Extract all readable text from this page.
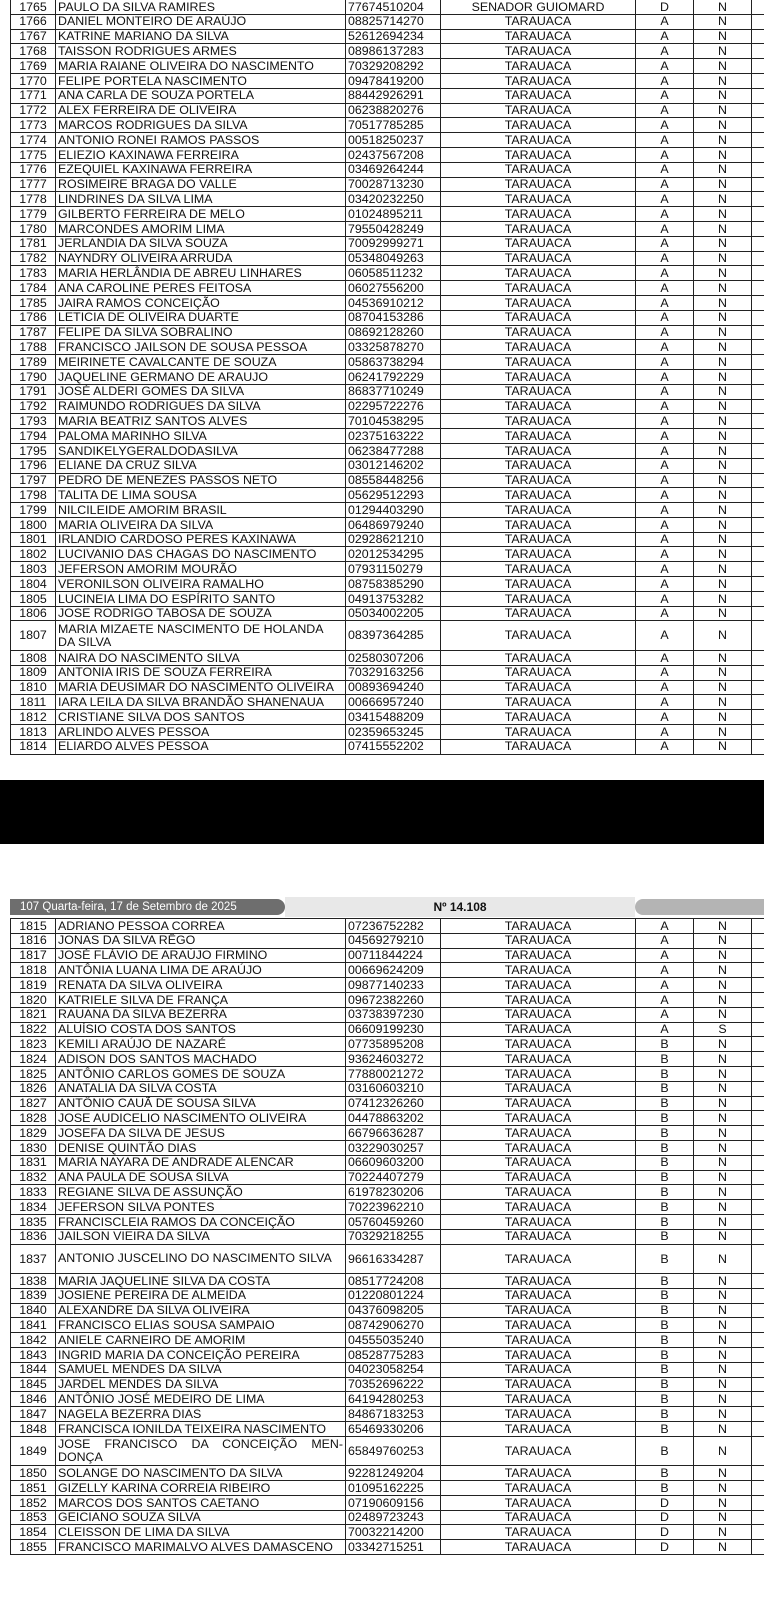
1765	PAULO DA SILVA RAMIRES	77674510204	SENADOR GUIOMARD	D	N	
1766	DANIEL MONTEIRO DE ARAÚJO	08825714270	TARAUACA	A	N	
1767	KATRINE MARIANO DA SILVA	52612694234	TARAUACA	A	N	
1768	TAISSON RODRIGUES ARMES	08986137283	TARAUACA	A	N	
1769	MARIA RAIANE OLIVEIRA DO NASCIMENTO	70329208292	TARAUACA	A	N	
1770	FELIPE PORTELA NASCIMENTO	09478419200	TARAUACA	A	N	
1771	ANA CARLA DE SOUZA PORTELA	88442926291	TARAUACA	A	N	
1772	ALEX FERREIRA DE OLIVEIRA	06238820276	TARAUACA	A	N	
1773	MARCOS RODRIGUES DA SILVA	70517785285	TARAUACA	A	N	
1774	ANTONIO RONEI RAMOS PASSOS	00518250237	TARAUACA	A	N	
1775	ELIEZIO KAXINAWA FERREIRA	02437567208	TARAUACA	A	N	
1776	EZEQUIEL KAXINAWA FERREIRA	03469264244	TARAUACA	A	N	
1777	ROSIMEIRE BRAGA DO VALLE	70028713230	TARAUACA	A	N	
1778	LINDRINES DA SILVA LIMA	03420232250	TARAUACA	A	N	
1779	GILBERTO FERREIRA DE MELO	01024895211	TARAUACA	A	N	
1780	MARCONDES AMORIM LIMA	79550428249	TARAUACA	A	N	
1781	JERLANDIA DA SILVA SOUZA	70092999271	TARAUACA	A	N	
1782	NAYNDRY OLIVEIRA ARRUDA	05348049263	TARAUACA	A	N	
1783	MARIA HERLÂNDIA DE ABREU LINHARES	06058511232	TARAUACA	A	N	
1784	ANA CAROLINE PERES FEITOSA	06027556200	TARAUACA	A	N	
1785	JAIRA RAMOS CONCEIÇÃO	04536910212	TARAUACA	A	N	
1786	LETICIA DE OLIVEIRA DUARTE	08704153286	TARAUACA	A	N	
1787	FELIPE DA SILVA SOBRALINO	08692128260	TARAUACA	A	N	
1788	FRANCISCO JAILSON DE SOUSA PESSOA	03325878270	TARAUACA	A	N	
1789	MEIRINETE CAVALCANTE DE SOUZA	05863738294	TARAUACA	A	N	
1790	JAQUELINE GERMANO DE ARAUJO	06241792229	TARAUACA	A	N	
1791	JOSÉ ALDERI GOMES DA SILVA	86837710249	TARAUACA	A	N	
1792	RAIMUNDO RODRIGUES DA SILVA	02295722276	TARAUACA	A	N	
1793	MARIA BEATRIZ SANTOS ALVES	70104538295	TARAUACA	A	N	
1794	PALOMA MARINHO SILVA	02375163222	TARAUACA	A	N	
1795	SANDIKELYGERALDODASILVA	06238477288	TARAUACA	A	N	
1796	ELIANE DA CRUZ SILVA	03012146202	TARAUACA	A	N	
1797	PEDRO DE MENEZES PASSOS NETO	08558448256	TARAUACA	A	N	
1798	TALITA DE LIMA SOUSA	05629512293	TARAUACA	A	N	
1799	NILCILEIDE AMORIM BRASIL	01294403290	TARAUACA	A	N	
1800	MARIA OLIVEIRA DA SILVA	06486979240	TARAUACA	A	N	
1801	IRLANDIO CARDOSO PERES KAXINAWA	02928621210	TARAUACA	A	N	
1802	LUCIVANIO DAS CHAGAS DO NASCIMENTO	02012534295	TARAUACA	A	N	
1803	JEFERSON AMORIM MOURÃO	07931150279	TARAUACA	A	N	
1804	VERONILSON OLIVEIRA RAMALHO	08758385290	TARAUACA	A	N	
1805	LUCINEIA LIMA DO ESPÍRITO SANTO	04913753282	TARAUACA	A	N	
1806	JOSE RODRIGO TABOSA DE SOUZA	05034002205	TARAUACA	A	N	
1807	MARIA MIZAETE NASCIMENTO DE HOLANDA DA SILVA	08397364285	TARAUACA	A	N	
1808	NAIRA DO NASCIMENTO SILVA	02580307206	TARAUACA	A	N	
1809	ANTONIA IRIS DE SOUZA FERREIRA	70329163256	TARAUACA	A	N	
1810	MARIA DEUSIMAR DO NASCIMENTO OLIVEIRA	00893694240	TARAUACA	A	N	
1811	IARA LEILA DA SILVA BRANDÃO SHANENAUA	00666957240	TARAUACA	A	N	
1812	CRISTIANE SILVA DOS SANTOS	03415488209	TARAUACA	A	N	
1813	ARLINDO ALVES PESSOA	02359653245	TARAUACA	A	N	
1814	ELIARDO ALVES PESSOA	07415552202	TARAUACA	A	N	
107 Quarta-feira, 17 de Setembro de 2025	Nº 14.108
1815	ADRIANO PESSOA CORREA	07236752282	TARAUACA	A	N	
1816	JONAS DA SILVA RÊGO	04569279210	TARAUACA	A	N	
1817	JOSÉ FLÁVIO DE ARAÚJO FIRMINO	00711844224	TARAUACA	A	N	
1818	ANTÔNIA LUANA LIMA DE ARAÚJO	00669624209	TARAUACA	A	N	
1819	RENATA DA SILVA OLIVEIRA	09877140233	TARAUACA	A	N	
1820	KATRIELE SILVA DE FRANÇA	09672382260	TARAUACA	A	N	
1821	RAUANA DA SILVA BEZERRA	03738397230	TARAUACA	A	N	
1822	ALUÍSIO COSTA DOS SANTOS	06609199230	TARAUACA	A	S	
1823	KEMILI ARAÚJO DE NAZARÉ	07735895208	TARAUACA	B	N	
1824	ADISON DOS SANTOS MACHADO	93624603272	TARAUACA	B	N	
1825	ANTÔNIO CARLOS GOMES DE SOUZA	77880021272	TARAUACA	B	N	
1826	ANATALIA DA SILVA COSTA	03160603210	TARAUACA	B	N	
1827	ANTÔNIO CAUÃ DE SOUSA SILVA	07412326260	TARAUACA	B	N	
1828	JOSE AUDICELIO NASCIMENTO OLIVEIRA	04478863202	TARAUACA	B	N	
1829	JOSEFA DA SILVA DE JESUS	66796636287	TARAUACA	B	N	
1830	DENISE QUINTÃO DIAS	03229030257	TARAUACA	B	N	
1831	MARIA NAYARA DE ANDRADE ALENCAR	06609603200	TARAUACA	B	N	
1832	ANA PAULA DE SOUSA SILVA	70224407279	TARAUACA	B	N	
1833	REGIANE SILVA DE ASSUNÇÃO	61978230206	TARAUACA	B	N	
1834	JEFERSON SILVA PONTES	70223962210	TARAUACA	B	N	
1835	FRANCISCLEIA RAMOS DA CONCEIÇÃO	05760459260	TARAUACA	B	N	
1836	JAILSON VIEIRA DA SILVA	70329218255	TARAUACA	B	N	
1837	ANTONIO JUSCELINO DO NASCIMENTO SILVA	96616334287	TARAUACA	B	N	
1838	MARIA JAQUELINE SILVA DA COSTA	08517724208	TARAUACA	B	N	
1839	JOSIENE PEREIRA DE ALMEIDA	01220801224	TARAUACA	B	N	
1840	ALEXANDRE DA SILVA OLIVEIRA	04376098205	TARAUACA	B	N	
1841	FRANCISCO ELIAS SOUSA SAMPAIO	08742906270	TARAUACA	B	N	
1842	ANIELE CARNEIRO DE AMORIM	04555035240	TARAUACA	B	N	
1843	INGRID MARIA DA CONCEIÇÃO PEREIRA	08528775283	TARAUACA	B	N	
1844	SAMUEL MENDES DA SILVA	04023058254	TARAUACA	B	N	
1845	JARDEL MENDES DA SILVA	70352696222	TARAUACA	B	N	
1846	ANTÔNIO JOSÉ MEDEIRO DE LIMA	64194280253	TARAUACA	B	N	
1847	NAGELA BEZERRA DIAS	84867183253	TARAUACA	B	N	
1848	FRANCISCA IONILDA TEIXEIRA NASCIMENTO	65469330206	TARAUACA	B	N	
1849	JOSE FRANCISCO DA CONCEIÇÃO MEN-DONÇA	65849760253	TARAUACA	B	N	
1850	SOLANGE DO NASCIMENTO DA SILVA	92281249204	TARAUACA	B	N	
1851	GIZELLY KARINA CORREIA RIBEIRO	01095162225	TARAUACA	B	N	
1852	MARCOS DOS SANTOS CAETANO	07190609156	TARAUACA	D	N	
1853	GEICIANO SOUZA SILVA	02489723243	TARAUACA	D	N	
1854	CLEISSON DE LIMA DA SILVA	70032214200	TARAUACA	D	N	
1855	FRANCISCO MARIMALVO ALVES DAMASCENO	03342715251	TARAUACA	D	N	
